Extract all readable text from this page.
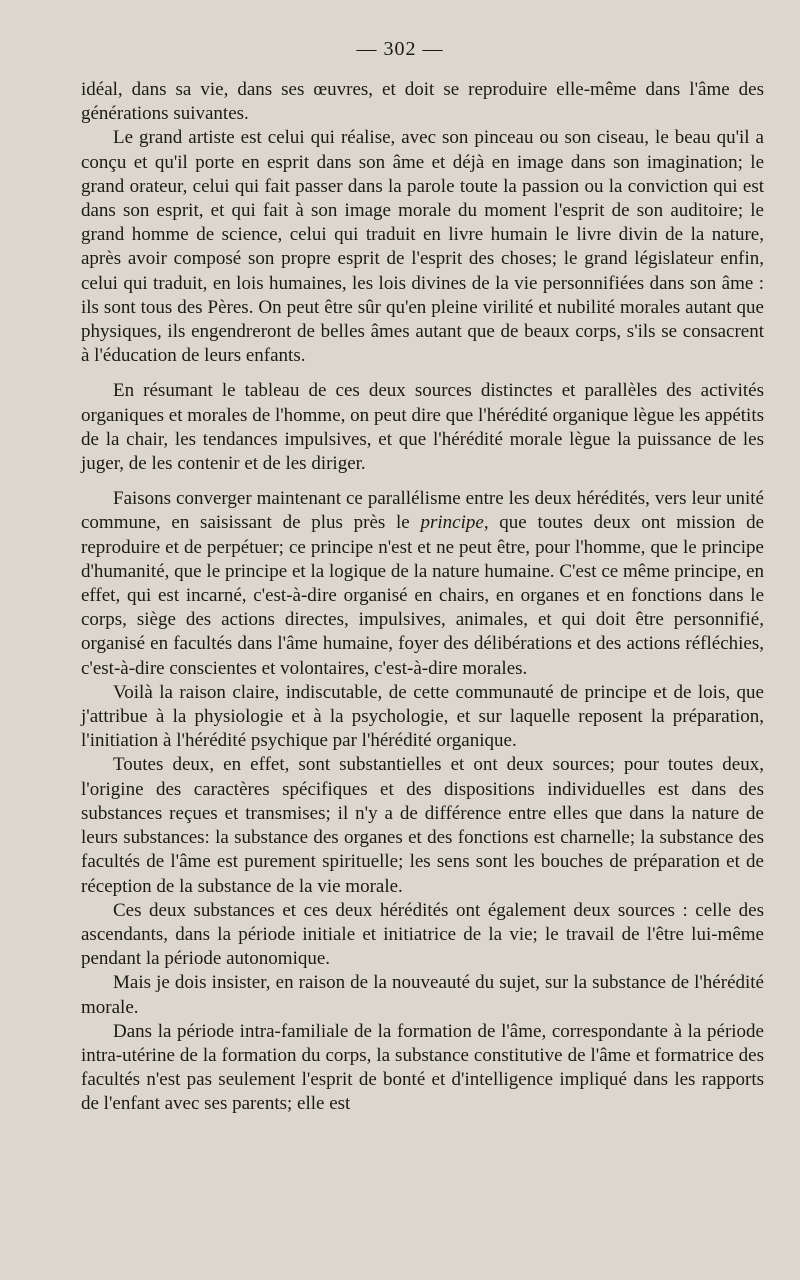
— 302 —

idéal, dans sa vie, dans ses œuvres, et doit se reproduire elle-même dans l'âme des générations suivantes.

Le grand artiste est celui qui réalise, avec son pinceau ou son ciseau, le beau qu'il a conçu et qu'il porte en esprit dans son âme et déjà en image dans son imagination; le grand orateur, celui qui fait passer dans la parole toute la passion ou la conviction qui est dans son esprit, et qui fait à son image morale du moment l'esprit de son auditoire; le grand homme de science, celui qui traduit en livre humain le livre divin de la nature, après avoir composé son propre esprit de l'esprit des choses; le grand législateur enfin, celui qui traduit, en lois humaines, les lois divines de la vie personnifiées dans son âme : ils sont tous des Pères. On peut être sûr qu'en pleine virilité et nubilité morales autant que physiques, ils engendreront de belles âmes autant que de beaux corps, s'ils se consacrent à l'éducation de leurs enfants.

En résumant le tableau de ces deux sources distinctes et parallèles des activités organiques et morales de l'homme, on peut dire que l'hérédité organique lègue les appétits de la chair, les tendances impulsives, et que l'hérédité morale lègue la puissance de les juger, de les contenir et de les diriger.

Faisons converger maintenant ce parallélisme entre les deux hérédités, vers leur unité commune, en saisissant de plus près le principe, que toutes deux ont mission de reproduire et de perpétuer; ce principe n'est et ne peut être, pour l'homme, que le principe d'humanité, que le principe et la logique de la nature humaine. C'est ce même principe, en effet, qui est incarné, c'est-à-dire organisé en chairs, en organes et en fonctions dans le corps, siège des actions directes, impulsives, animales, et qui doit être personnifié, organisé en facultés dans l'âme humaine, foyer des délibérations et des actions réfléchies, c'est-à-dire conscientes et volontaires, c'est-à-dire morales.

Voilà la raison claire, indiscutable, de cette communauté de principe et de lois, que j'attribue à la physiologie et à la psychologie, et sur laquelle reposent la préparation, l'initiation à l'hérédité psychique par l'hérédité organique.

Toutes deux, en effet, sont substantielles et ont deux sources; pour toutes deux, l'origine des caractères spécifiques et des dispositions individuelles est dans des substances reçues et transmises; il n'y a de différence entre elles que dans la nature de leurs substances: la substance des organes et des fonctions est charnelle; la substance des facultés de l'âme est purement spirituelle; les sens sont les bouches de préparation et de réception de la substance de la vie morale.

Ces deux substances et ces deux hérédités ont également deux sources : celle des ascendants, dans la période initiale et initiatrice de la vie; le travail de l'être lui-même pendant la période autonomique.

Mais je dois insister, en raison de la nouveauté du sujet, sur la substance de l'hérédité morale.

Dans la période intra-familiale de la formation de l'âme, correspondante à la période intra-utérine de la formation du corps, la substance constitutive de l'âme et formatrice des facultés n'est pas seulement l'esprit de bonté et d'intelligence impliqué dans les rapports de l'enfant avec ses parents; elle est
